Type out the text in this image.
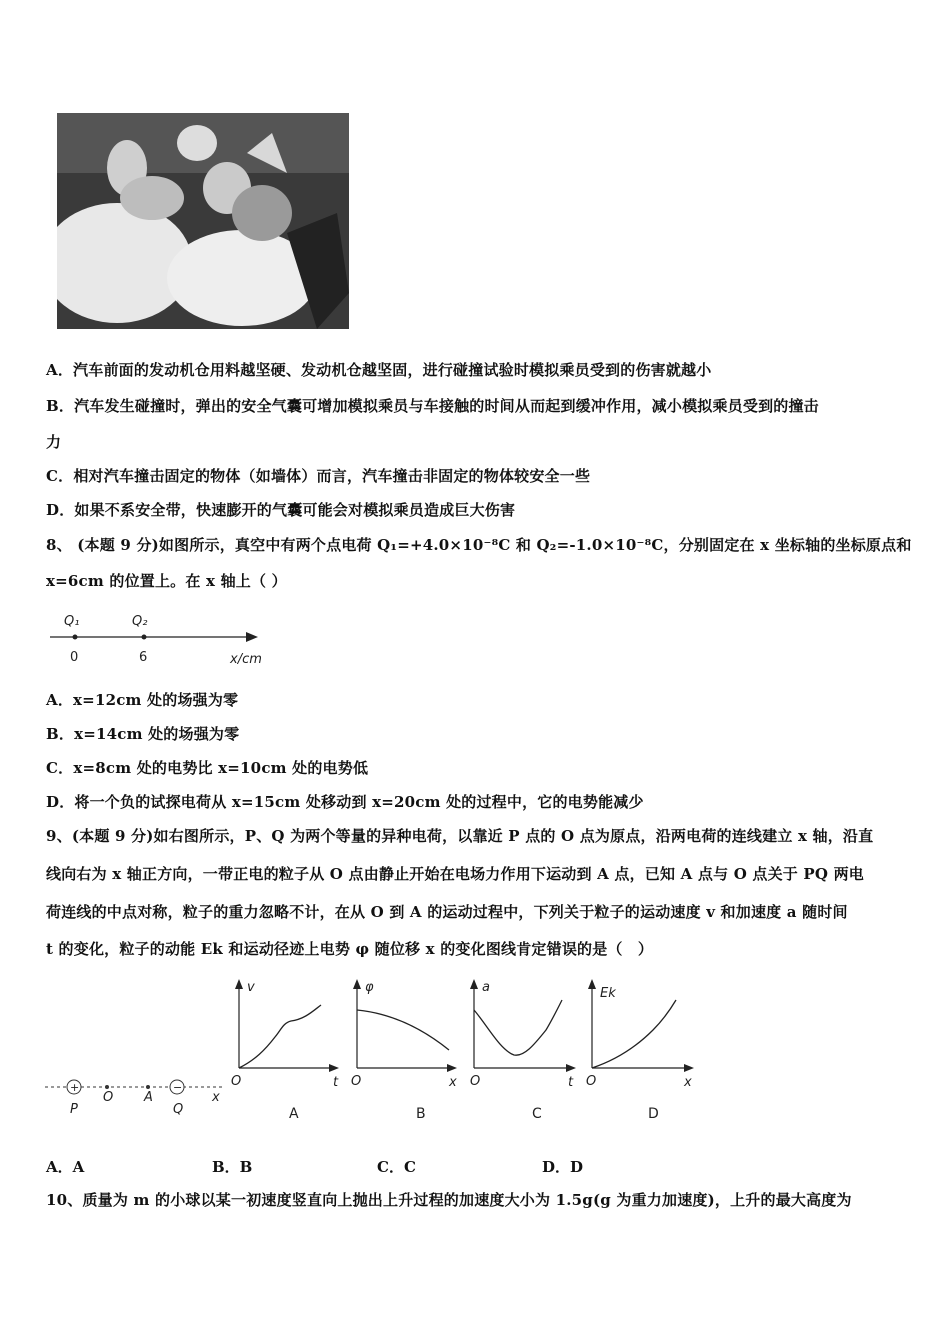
A．汽车前面的发动机仓用料越坚硬、发动机仓越坚固，进行碰撞试验时模拟乘员受到的伤害就越小
B．汽车发生碰撞时，弹出的安全气囊可增加模拟乘员与车接触的时间从而起到缓冲作用，减小模拟乘员受到的撞击
力
C．相对汽车撞击固定的物体（如墙体）而言，汽车撞击非固定的物体较安全一些
D．如果不系安全带，快速膨开的气囊可能会对模拟乘员造成巨大伤害
8、 (本题 9 分)如图所示，真空中有两个点电荷 Q₁=+4.0×10⁻⁸C 和 Q₂=-1.0×10⁻⁸C，分别固定在 x 坐标轴的坐标原点和
x=6cm 的位置上。在 x 轴上（ ）
Q₁	Q₂
0	6	x/cm
A．x=12cm 处的场强为零
B．x=14cm 处的场强为零
C．x=8cm 处的电势比 x=10cm 处的电势低
D．将一个负的试探电荷从 x=15cm 处移动到 x=20cm 处的过程中，它的电势能减少
9、(本题 9 分)如右图所示，P、Q 为两个等量的异种电荷，以靠近 P 点的 O 点为原点，沿两电荷的连线建立 x 轴，沿直
线向右为 x 轴正方向，一带正电的粒子从 O 点由静止开始在电场力作用下运动到 A 点，已知 A 点与 O 点关于 PQ 两电
荷连线的中点对称，粒子的重力忽略不计，在从 O 到 A 的运动过程中，下列关于粒子的运动速度 v 和加速度 a 随时间
t 的变化，粒子的动能 Ek 和运动径迹上电势 φ 随位移 x 的变化图线肯定错误的是（　）
+	−
P
O A
Q
x
v
O	t
A
φ
O	x
B
a
O	t
C
Ek
O	x
D
A．A	B．B	C．C	D．D
10、质量为 m 的小球以某一初速度竖直向上抛出上升过程的加速度大小为 1.5g(g 为重力加速度)，上升的最大高度为
